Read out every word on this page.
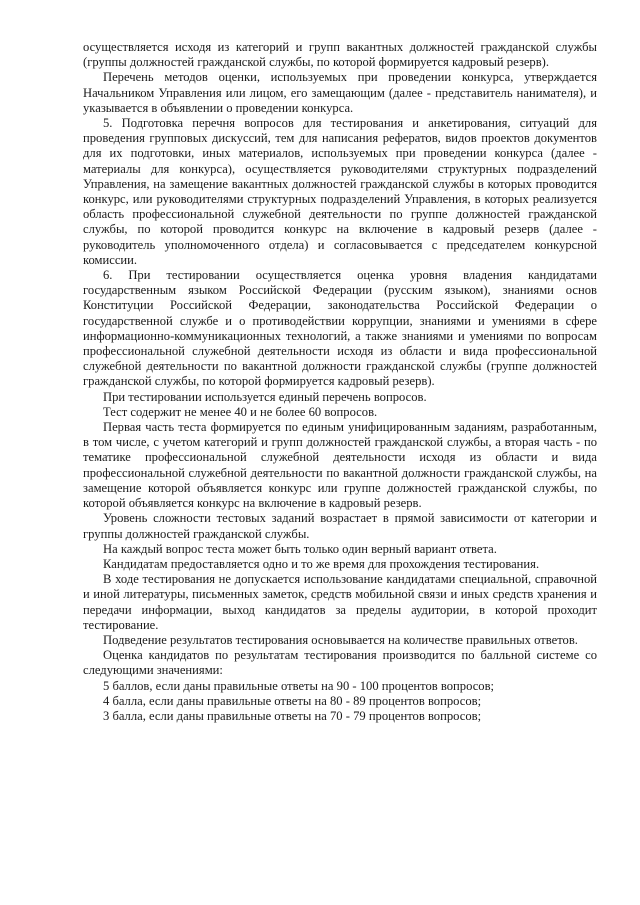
осуществляется исходя из категорий и групп вакантных должностей гражданской службы (группы должностей гражданской службы, по которой формируется кадровый резерв).

Перечень методов оценки, используемых при проведении конкурса, утверждается Начальником Управления или лицом, его замещающим (далее - представитель нанимателя), и указывается в объявлении о проведении конкурса.

5. Подготовка перечня вопросов для тестирования и анкетирования, ситуаций для проведения групповых дискуссий, тем для написания рефератов, видов проектов документов для их подготовки, иных материалов, используемых при проведении конкурса (далее - материалы для конкурса), осуществляется руководителями структурных подразделений Управления, на замещение вакантных должностей гражданской службы в которых проводится конкурс, или руководителями структурных подразделений Управления, в которых реализуется область профессиональной служебной деятельности по группе должностей гражданской службы, по которой проводится конкурс на включение в кадровый резерв (далее - руководитель уполномоченного отдела) и согласовывается с председателем конкурсной комиссии.

6. При тестировании осуществляется оценка уровня владения кандидатами государственным языком Российской Федерации (русским языком), знаниями основ Конституции Российской Федерации, законодательства Российской Федерации о государственной службе и о противодействии коррупции, знаниями и умениями в сфере информационно-коммуникационных технологий, а также знаниями и умениями по вопросам профессиональной служебной деятельности исходя из области и вида профессиональной служебной деятельности по вакантной должности гражданской службы (группе должностей гражданской службы, по которой формируется кадровый резерв).

При тестировании используется единый перечень вопросов.

Тест содержит не менее 40 и не более 60 вопросов.

Первая часть теста формируется по единым унифицированным заданиям, разработанным, в том числе, с учетом категорий и групп должностей гражданской службы, а вторая часть - по тематике профессиональной служебной деятельности исходя из области и вида профессиональной служебной деятельности по вакантной должности гражданской службы, на замещение которой объявляется конкурс или группе должностей гражданской службы, по которой объявляется конкурс на включение в кадровый резерв.

Уровень сложности тестовых заданий возрастает в прямой зависимости от категории и группы должностей гражданской службы.

На каждый вопрос теста может быть только один верный вариант ответа.

Кандидатам предоставляется одно и то же время для прохождения тестирования.

В ходе тестирования не допускается использование кандидатами специальной, справочной и иной литературы, письменных заметок, средств мобильной связи и иных средств хранения и передачи информации, выход кандидатов за пределы аудитории, в которой проходит тестирование.

Подведение результатов тестирования основывается на количестве правильных ответов.

Оценка кандидатов по результатам тестирования производится по балльной системе со следующими значениями:

5 баллов, если даны правильные ответы на 90 - 100 процентов вопросов;

4 балла, если даны правильные ответы на 80 - 89 процентов вопросов;

3 балла, если даны правильные ответы на 70 - 79 процентов вопросов;
